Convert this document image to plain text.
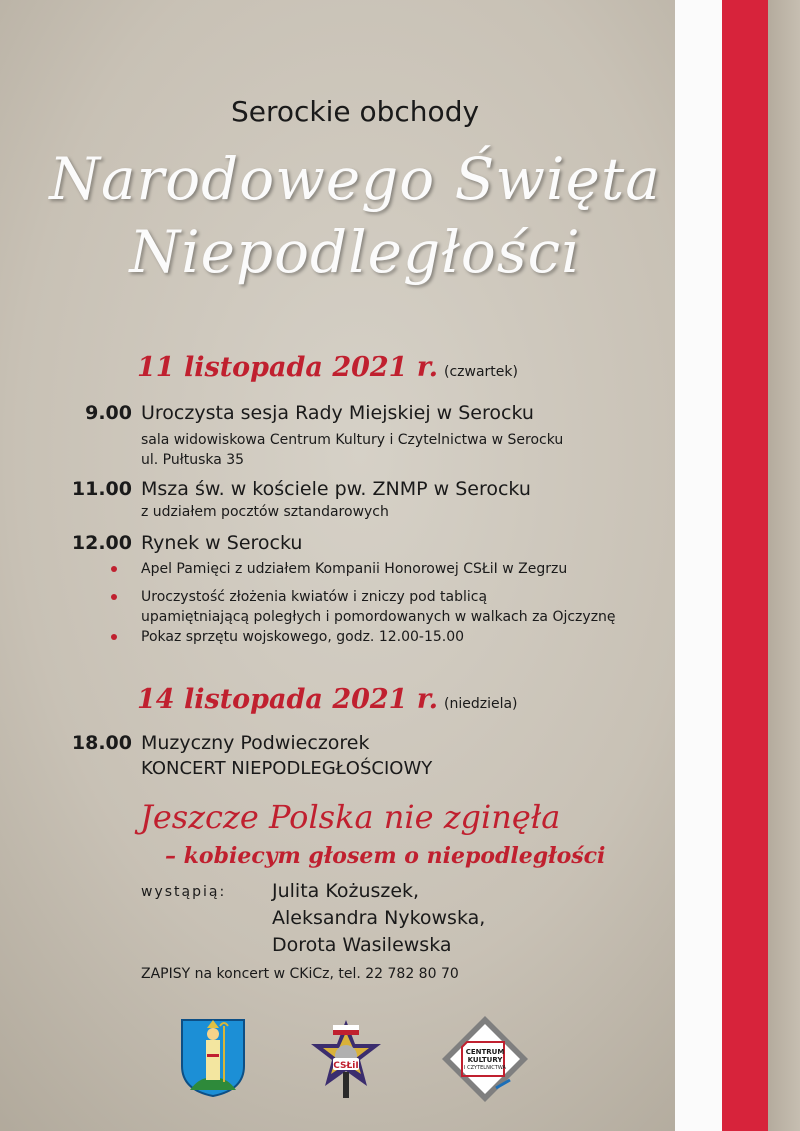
Serockie obchody
Narodowego Święta
Niepodległości
11 listopada 2021 r. (czwartek)
9.00 Uroczysta sesja Rady Miejskiej w Serocku
sala widowiskowa Centrum Kultury i Czytelnictwa w Serocku
ul. Pułtuska 35
11.00 Msza św. w kościele pw. ZNMP w Serocku
z udziałem pocztów sztandarowych
12.00 Rynek w Serocku
Apel Pamięci z udziałem Kompanii Honorowej CSŁiI w Zegrzu
Uroczystość złożenia kwiatów i zniczy pod tablicą
upamiętniającą poległych i pomordowanych w walkach za Ojczyznę
Pokaz sprzętu wojskowego, godz. 12.00-15.00
14 listopada 2021 r. (niedziela)
18.00 Muzyczny Podwieczorek
KONCERT NIEPODLEGŁOŚCIOWY
Jeszcze Polska nie zginęła
– kobiecym głosem o niepodległości
wystąpią: Julita Kożuszek,
Aleksandra Nykowska,
Dorota Wasilewska
ZAPISY na koncert w CKiCz, tel. 22 782 80 70
CSŁiI
CENTRUM
KULTURY
I CZYTELNICTWA
